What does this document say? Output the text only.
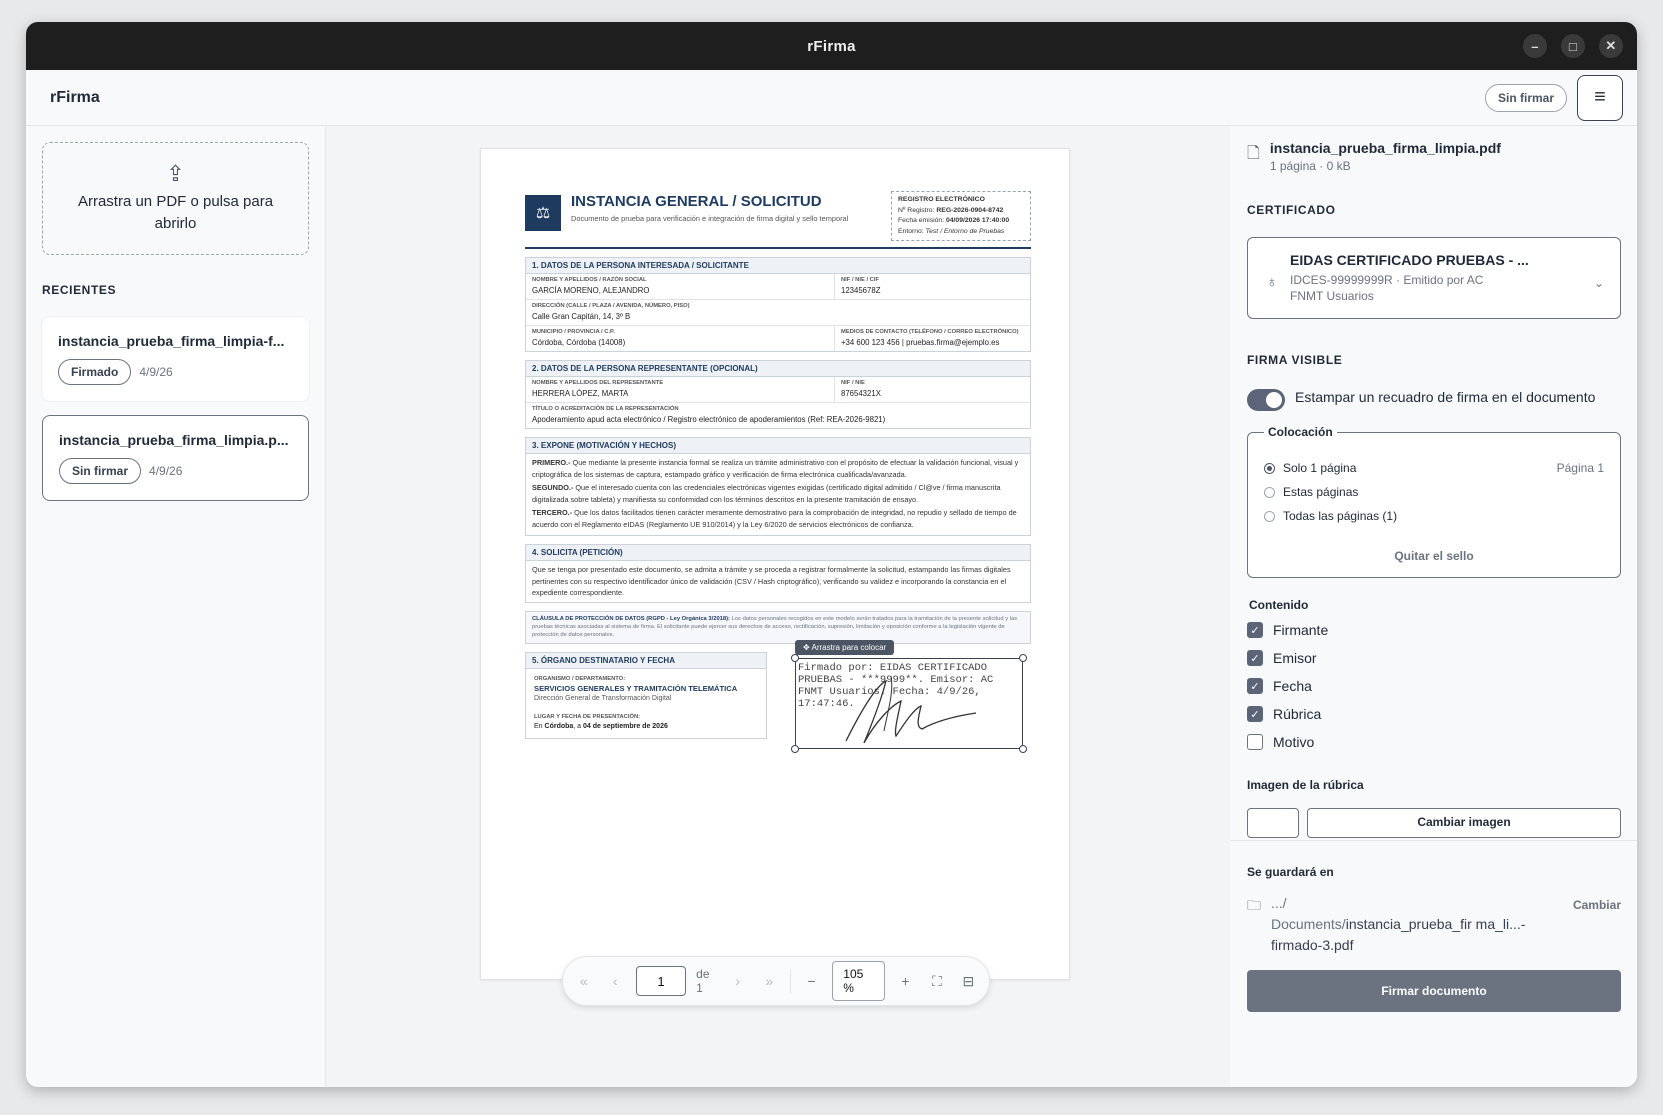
rFirma	–	□	✕
rFirma	Sin firmar	≡
⇪
Arrastra un PDF o pulsa para abrirlo
RECIENTES
instancia_prueba_firma_limpia-f...
Firmado	4/9/26
instancia_prueba_firma_limpia.p...
Sin firmar	4/9/26
⚖
INSTANCIA GENERAL / SOLICITUD
Documento de prueba para verificación e integración de firma digital y sello temporal
REGISTRO ELECTRÓNICO
Nº Registro: REG-2026-0904-8742
Fecha emisión: 04/09/2026 17:40:00
Entorno: Test / Entorno de Pruebas
1. DATOS DE LA PERSONA INTERESADA / SOLICITANTE
NOMBRE Y APELLIDOS / RAZÓN SOCIAL
GARCÍA MORENO, ALEJANDRO
NIF / NIE / CIF
12345678Z
DIRECCIÓN (CALLE / PLAZA / AVENIDA, NÚMERO, PISO)
Calle Gran Capitán, 14, 3º B
MUNICIPIO / PROVINCIA / C.P.
Córdoba, Córdoba (14008)
MEDIOS DE CONTACTO (TELÉFONO / CORREO ELECTRÓNICO)
+34 600 123 456 | pruebas.firma@ejemplo.es
2. DATOS DE LA PERSONA REPRESENTANTE (OPCIONAL)
NOMBRE Y APELLIDOS DEL REPRESENTANTE
HERRERA LÓPEZ, MARTA
NIF / NIE
87654321X
TÍTULO O ACREDITACIÓN DE LA REPRESENTACIÓN
Apoderamiento apud acta electrónico / Registro electrónico de apoderamientos (Ref: REA-2026-9821)
3. EXPONE (MOTIVACIÓN Y HECHOS)

PRIMERO.- Que mediante la presente instancia formal se realiza un trámite administrativo con el propósito de efectuar la validación funcional, visual y criptográfica de los sistemas de captura, estampado gráfico y verificación de firma electrónica cualificada/avanzada.

SEGUNDO.- Que el interesado cuenta con las credenciales electrónicas vigentes exigidas (certificado digital admitido / Cl@ve / firma manuscrita digitalizada sobre tableta) y manifiesta su conformidad con los términos descritos en la presente tramitación de ensayo.

TERCERO.- Que los datos facilitados tienen carácter meramente demostrativo para la comprobación de integridad, no repudio y sellado de tiempo de acuerdo con el Reglamento eIDAS (Reglamento UE 910/2014) y la Ley 6/2020 de servicios electrónicos de confianza.

4. SOLICITA (PETICIÓN)
Que se tenga por presentado este documento, se admita a trámite y se proceda a registrar formalmente la solicitud, estampando las firmas digitales pertinentes con su respectivo identificador único de validación (CSV / Hash criptográfico), verificando su validez e incorporando la constancia en el expediente correspondiente.
CLÁUSULA DE PROTECCIÓN DE DATOS (RGPD - Ley Orgánica 3/2018): Los datos personales recogidos en este modelo serán tratados para la tramitación de la presente solicitud y las pruebas técnicas asociadas al sistema de firma. El solicitante puede ejercer sus derechos de acceso, rectificación, supresión, limitación y oposición conforme a la legislación vigente de protección de datos personales.
5. ÓRGANO DESTINATARIO Y FECHA
ORGANISMO / DEPARTAMENTO:
SERVICIOS GENERALES Y TRAMITACIÓN TELEMÁTICA
Dirección General de Transformación Digital
LUGAR Y FECHA DE PRESENTACIÓN:
En Córdoba, a 04 de septiembre de 2026
✥ Arrastra para colocar
Firmado por: EIDAS CERTIFICADO PRUEBAS - ***9999**. Emisor: AC FNMT Usuarios. Fecha: 4/9/26, 17:47:46.
«	‹	1	de 1	›	»	−	105 %	+	⛶	⊟
🗋 instancia_prueba_firma_limpia.pdf
1 página · 0 kB
CERTIFICADO
♁
EIDAS CERTIFICADO PRUEBAS - ...
IDCES-99999999R · Emitido por AC FNMT Usuarios
⌄
FIRMA VISIBLE
Estampar un recuadro de firma en el documento
Colocación
Solo 1 página	Página 1
Estas páginas
Todas las páginas (1)
Quitar el sello
Contenido
✓ Firmante
✓ Emisor
✓ Fecha
✓ Rúbrica
Motivo
Imagen de la rúbrica
Cambiar imagen
Se guardará en
🗀 .../
Documents/instancia_prueba_fir ma_li...-firmado-3.pdf
Cambiar
Firmar documento
